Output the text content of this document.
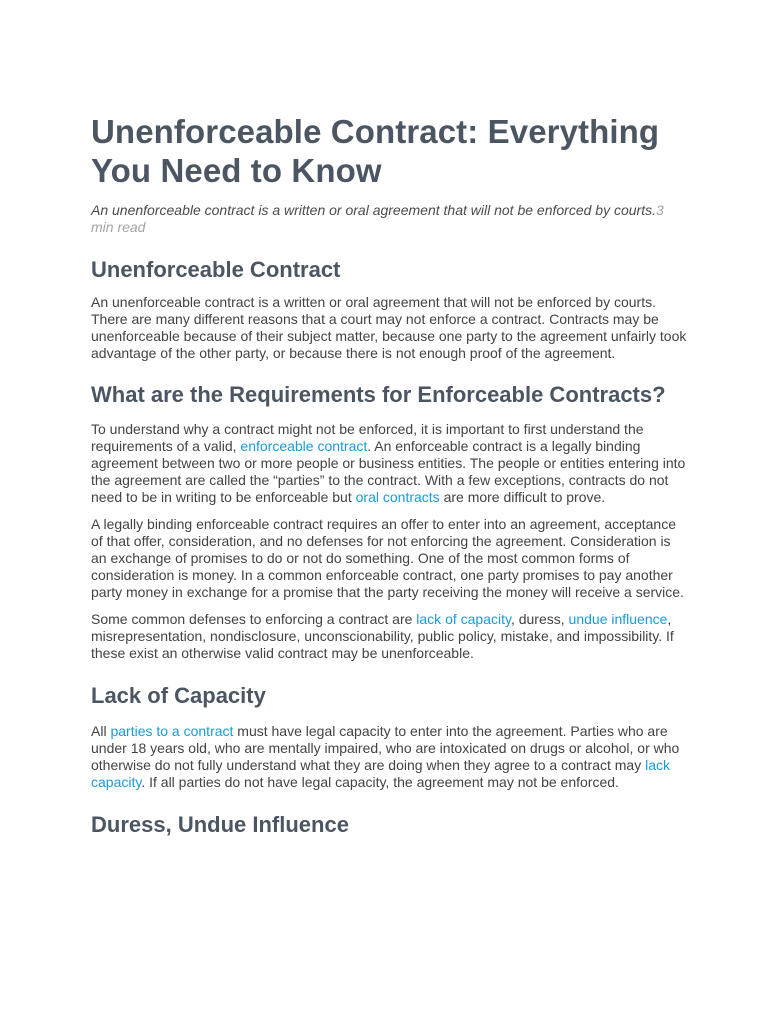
Unenforceable Contract: Everything You Need to Know

An unenforceable contract is a written or oral agreement that will not be enforced by courts.3 min read

Unenforceable Contract

An unenforceable contract is a written or oral agreement that will not be enforced by courts. There are many different reasons that a court may not enforce a contract. Contracts may be unenforceable because of their subject matter, because one party to the agreement unfairly took advantage of the other party, or because there is not enough proof of the agreement.

What are the Requirements for Enforceable Contracts?

To understand why a contract might not be enforced, it is important to first understand the requirements of a valid, enforceable contract. An enforceable contract is a legally binding agreement between two or more people or business entities. The people or entities entering into the agreement are called the “parties” to the contract. With a few exceptions, contracts do not need to be in writing to be enforceable but oral contracts are more difficult to prove.

A legally binding enforceable contract requires an offer to enter into an agreement, acceptance of that offer, consideration, and no defenses for not enforcing the agreement. Consideration is an exchange of promises to do or not do something. One of the most common forms of consideration is money. In a common enforceable contract, one party promises to pay another party money in exchange for a promise that the party receiving the money will receive a service.

Some common defenses to enforcing a contract are lack of capacity, duress, undue influence, misrepresentation, nondisclosure, unconscionability, public policy, mistake, and impossibility. If these exist an otherwise valid contract may be unenforceable.

Lack of Capacity

All parties to a contract must have legal capacity to enter into the agreement. Parties who are under 18 years old, who are mentally impaired, who are intoxicated on drugs or alcohol, or who otherwise do not fully understand what they are doing when they agree to a contract may lack capacity. If all parties do not have legal capacity, the agreement may not be enforced.

Duress, Undue Influence
